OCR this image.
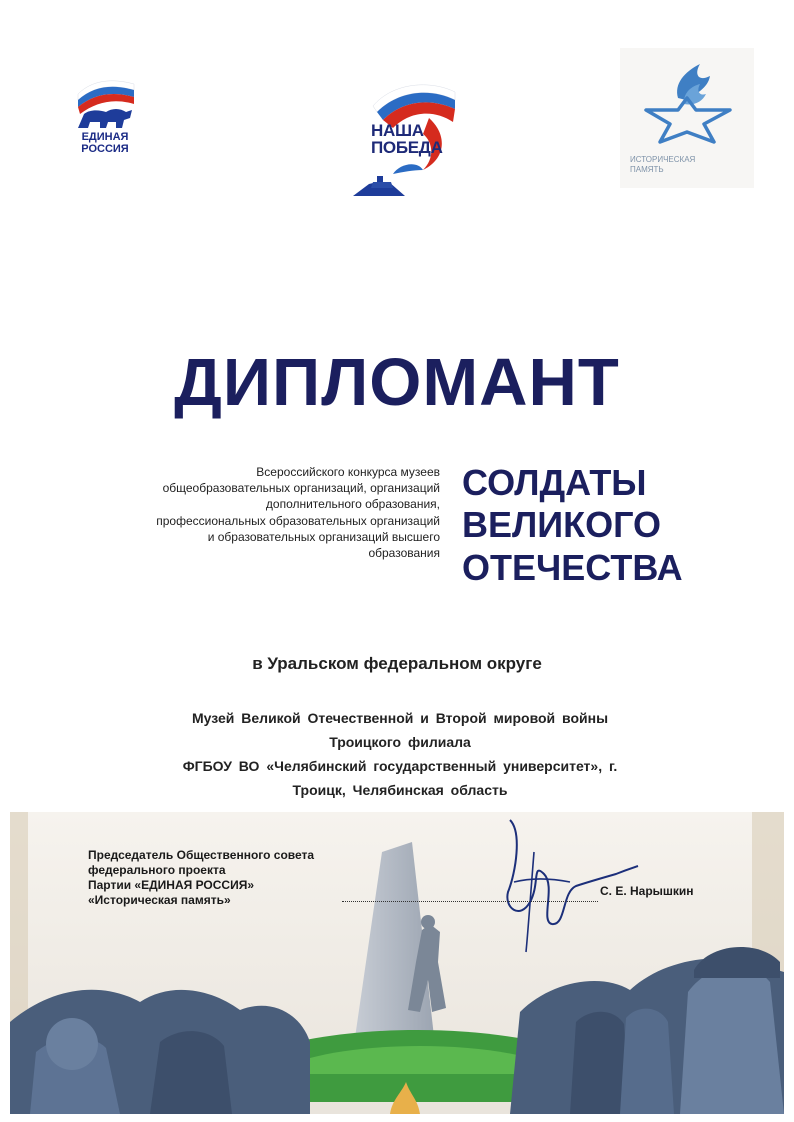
ЕДИНАЯ
РОССИЯ
НАША
ПОБЕДА
ИСТОРИЧЕСКАЯ
ПАМЯТЬ
ДИПЛОМАНТ
Всероссийского конкурса музеев
общеобразовательных организаций, организаций
дополнительного образования,
профессиональных образовательных организаций
и образовательных организаций высшего
образования
СОЛДАТЫ
ВЕЛИКОГО
ОТЕЧЕСТВА
в Уральском федеральном округе
Музей Великой Отечественной и Второй мировой войны
Троицкого филиала
ФГБОУ ВО «Челябинский государственный университет», г.
Троицк, Челябинская область
Председатель Общественного совета
федерального проекта
Партии «ЕДИНАЯ РОССИЯ»
«Историческая память»
С. Е. Нарышкин
